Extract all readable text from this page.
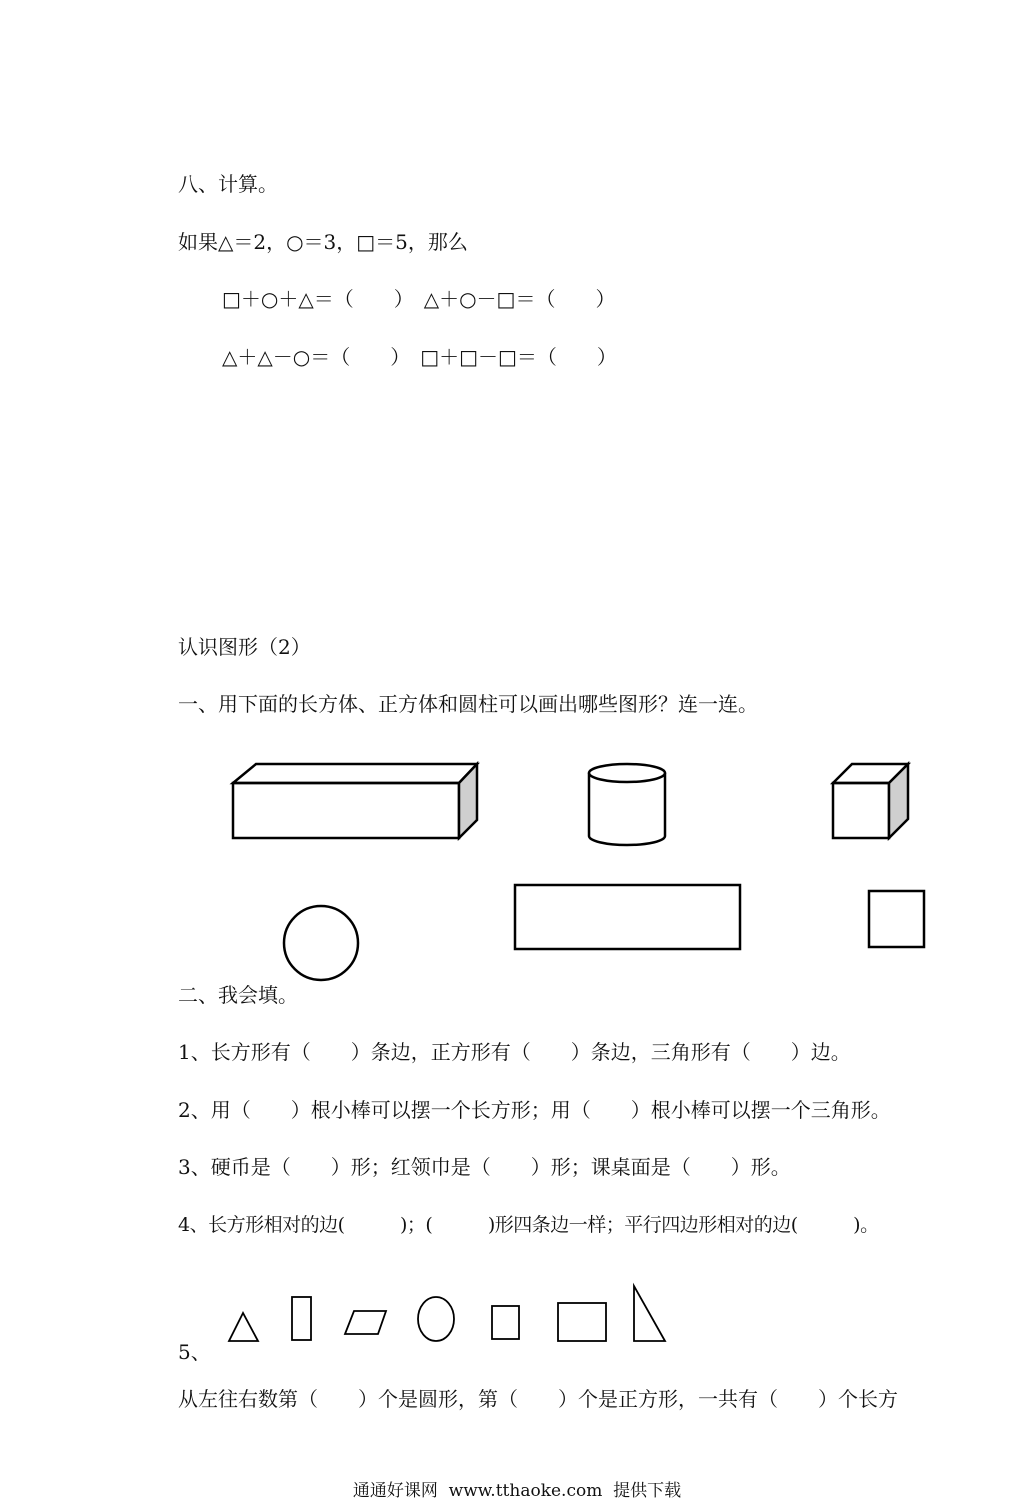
八、计算。
如果△＝2，○＝3，□＝5，那么
□＋○＋△＝（　　）　△＋○－□＝（　　）
△＋△－○＝（　　）　□＋□－□＝（　　）
认识图形（2）
一、用下面的长方体、正方体和圆柱可以画出哪些图形？连一连。
二、我会填。
1、长方形有（　　）条边，正方形有（　　）条边，三角形有（　　）边。
2、用（　　）根小棒可以摆一个长方形；用（　　）根小棒可以摆一个三角形。
3、硬币是（　　）形；红领巾是（　　）形；课桌面是（　　）形。
4、长方形相对的边(　　　)；(　　　)形四条边一样；平行四边形相对的边(　　　)。
5、
从左往右数第（　　）个是圆形，第（　　）个是正方形，一共有（　　）个长方
通通好课网  www.tthaoke.com  提供下载
